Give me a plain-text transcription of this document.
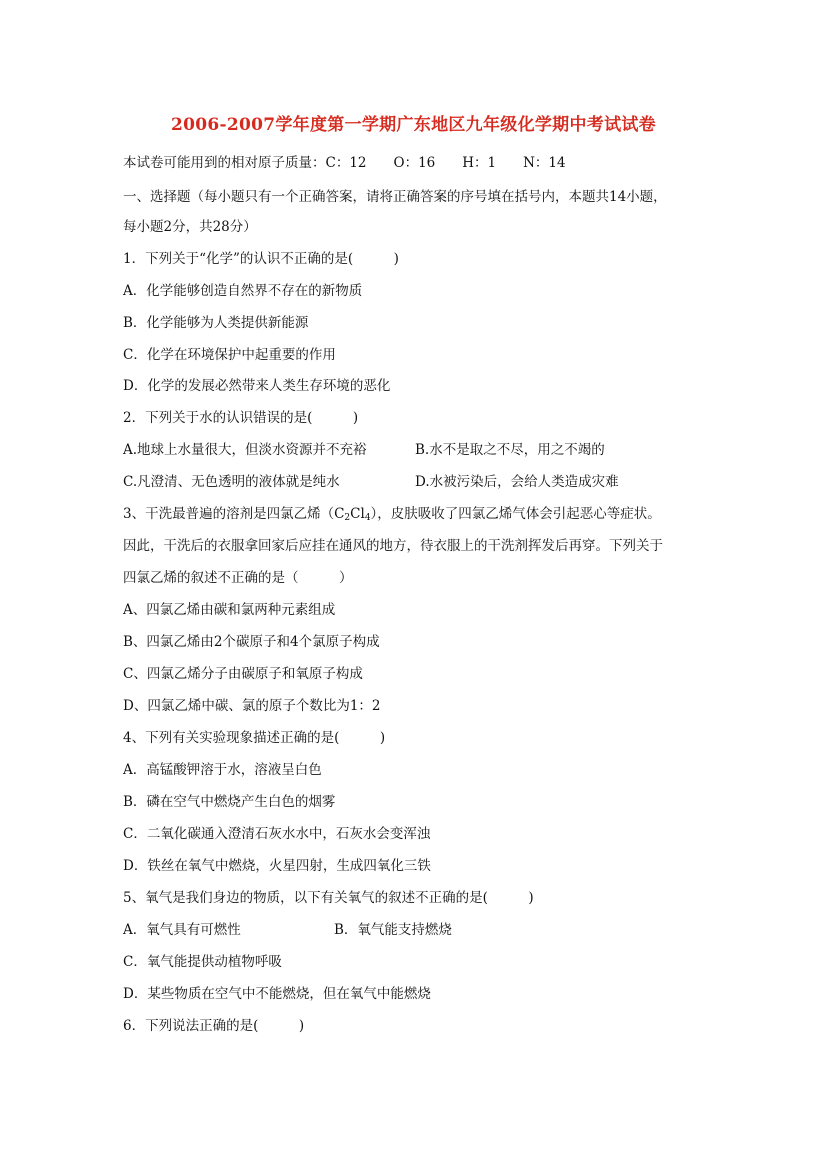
2006-2007学年度第一学期广东地区九年级化学期中考试试卷
本试卷可能用到的相对原子质量：C：12　　O：16　　H：1　　N：14
一、选择题（每小题只有一个正确答案，请将正确答案的序号填在括号内，本题共14小题，
每小题2分，共28分）
1．下列关于“化学”的认识不正确的是(　　　)
A．化学能够创造自然界不存在的新物质
B．化学能够为人类提供新能源
C．化学在环境保护中起重要的作用
D．化学的发展必然带来人类生存环境的恶化
2．下列关于水的认识错误的是(　　　)
A.地球上水量很大，但淡水资源并不充裕	B.水不是取之不尽，用之不竭的
C.凡澄清、无色透明的液体就是纯水	D.水被污染后，会给人类造成灾难
3、干洗最普遍的溶剂是四氯乙烯$(C_2Cl_4)$，皮肤吸收了四氯乙烯气体会引起恶心等症状。
因此，干洗后的衣服拿回家后应挂在通风的地方，待衣服上的干洗剂挥发后再穿。下列关于
四氯乙烯的叙述不正确的是（　　　）
A、四氯乙烯由碳和氯两种元素组成
B、四氯乙烯由2个碳原子和4个氯原子构成
C、四氯乙烯分子由碳原子和氧原子构成
D、四氯乙烯中碳、氯的原子个数比为1：2
4、下列有关实验现象描述正确的是(　　　)
A．高锰酸钾溶于水，溶液呈白色
B．磷在空气中燃烧产生白色的烟雾
C．二氧化碳通入澄清石灰水水中，石灰水会变浑浊
D．铁丝在氧气中燃烧，火星四射，生成四氧化三铁
5、氧气是我们身边的物质，以下有关氧气的叙述不正确的是(　　　)
A．氧气具有可燃性	B．氧气能支持燃烧
C．氧气能提供动植物呼吸
D．某些物质在空气中不能燃烧，但在氧气中能燃烧
6．下列说法正确的是(　　　)
